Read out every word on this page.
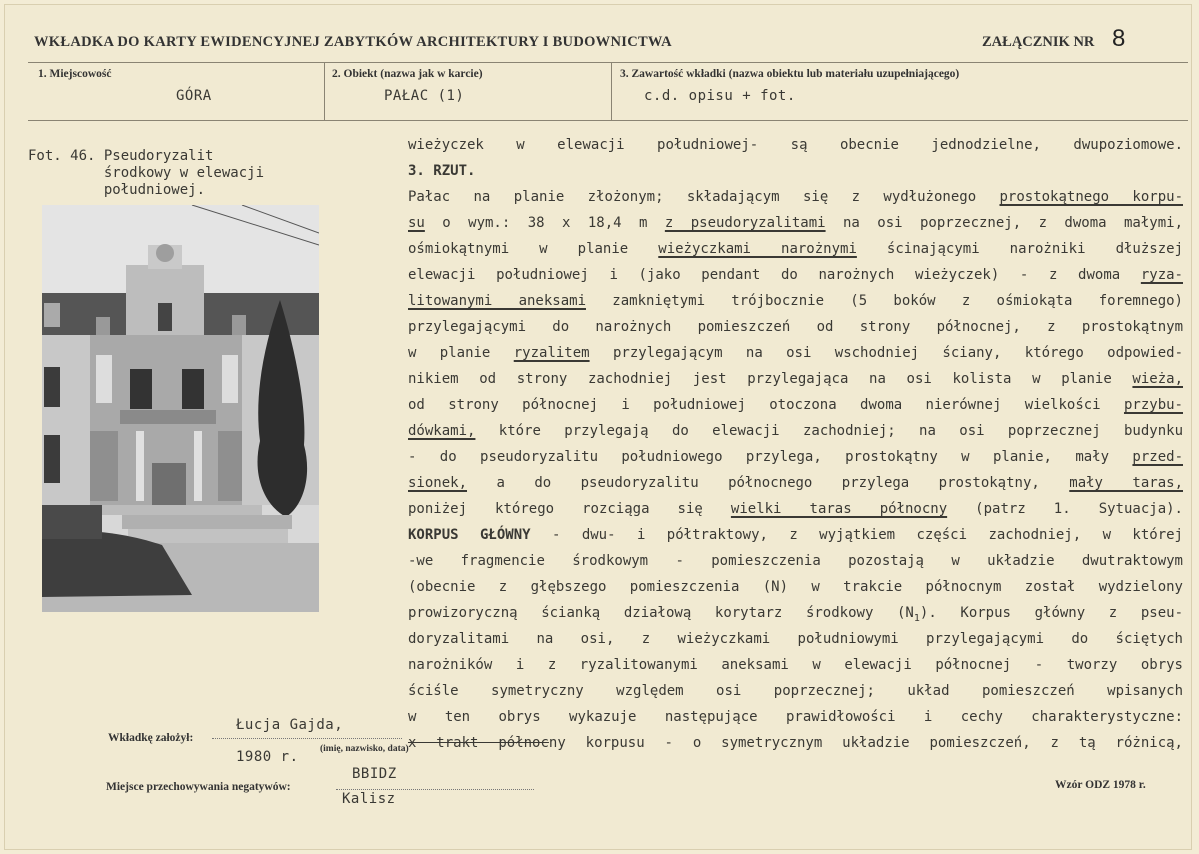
WKŁADKA DO KARTY EWIDENCYJNEJ ZABYTKÓW ARCHITEKTURY I BUDOWNICTWA	ZAŁĄCZNIK NR 8
1. Miejscowość
GÓRA
2. Obiekt (nazwa jak w karcie)
PAŁAC (1)
3. Zawartość wkładki (nazwa obiektu lub materiału uzupełniającego)
c.d. opisu + fot.
Fot. 46. Pseudoryzalit
środkowy w elewacji
południowej.
wieżyczek w elewacji południowej- są obecnie jednodzielne, dwupoziomowe.
3. RZUT.
Pałac na planie złożonym; składającym się z wydłużonego prostokątnego korpu-
su o wym.: 38 x 18,4 m z pseudoryzalitami na osi poprzecznej, z dwoma małymi,
ośmiokątnymi w planie wieżyczkami narożnymi ścinającymi narożniki dłuższej
elewacji południowej i (jako pendant do narożnych wieżyczek) - z dwoma ryza-
litowanymi aneksami zamkniętymi trójbocznie (5 boków z ośmiokąta foremnego)
przylegającymi do narożnych pomieszczeń od strony północnej, z prostokątnym
w planie ryzalitem przylegającym na osi wschodniej ściany, którego odpowied-
nikiem od strony zachodniej jest przylegająca na osi kolista w planie wieża,
od strony północnej i południowej otoczona dwoma nierównej wielkości przybu-
dówkami, które przylegają do elewacji zachodniej; na osi poprzecznej budynku
- do pseudoryzalitu południowego przylega, prostokątny w planie, mały przed-
sionek, a do pseudoryzalitu północnego przylega prostokątny, mały taras,
poniżej którego rozciąga się wielki taras północny (patrz 1. Sytuacja).
KORPUS GŁÓWNY - dwu- i półtraktowy, z wyjątkiem części zachodniej, w której
-we fragmencie środkowym - pomieszczenia pozostają w układzie dwutraktowym
(obecnie z głębszego pomieszczenia (N) w trakcie północnym został wydzielony
prowizoryczną ścianką działową korytarz środkowy $(N_1)$. Korpus główny z pseu-
doryzalitami na osi, z wieżyczkami południowymi przylegającymi do ściętych
narożników i z ryzalitowanymi aneksami w elewacji północnej - tworzy obrys
ściśle symetryczny względem osi poprzecznej; układ pomieszczeń wpisanych
w ten obrys wykazuje następujące prawidłowości i cechy charakterystyczne:
x trakt północny korpusu - o symetrycznym układzie pomieszczeń, z tą różnicą,
Wkładkę założył:
Łucja Gajda,
1980 r. (imię, nazwisko, data)
Miejsce przechowywania negatywów:
BBIDZ
Kalisz
Wzór ODZ 1978 r.
